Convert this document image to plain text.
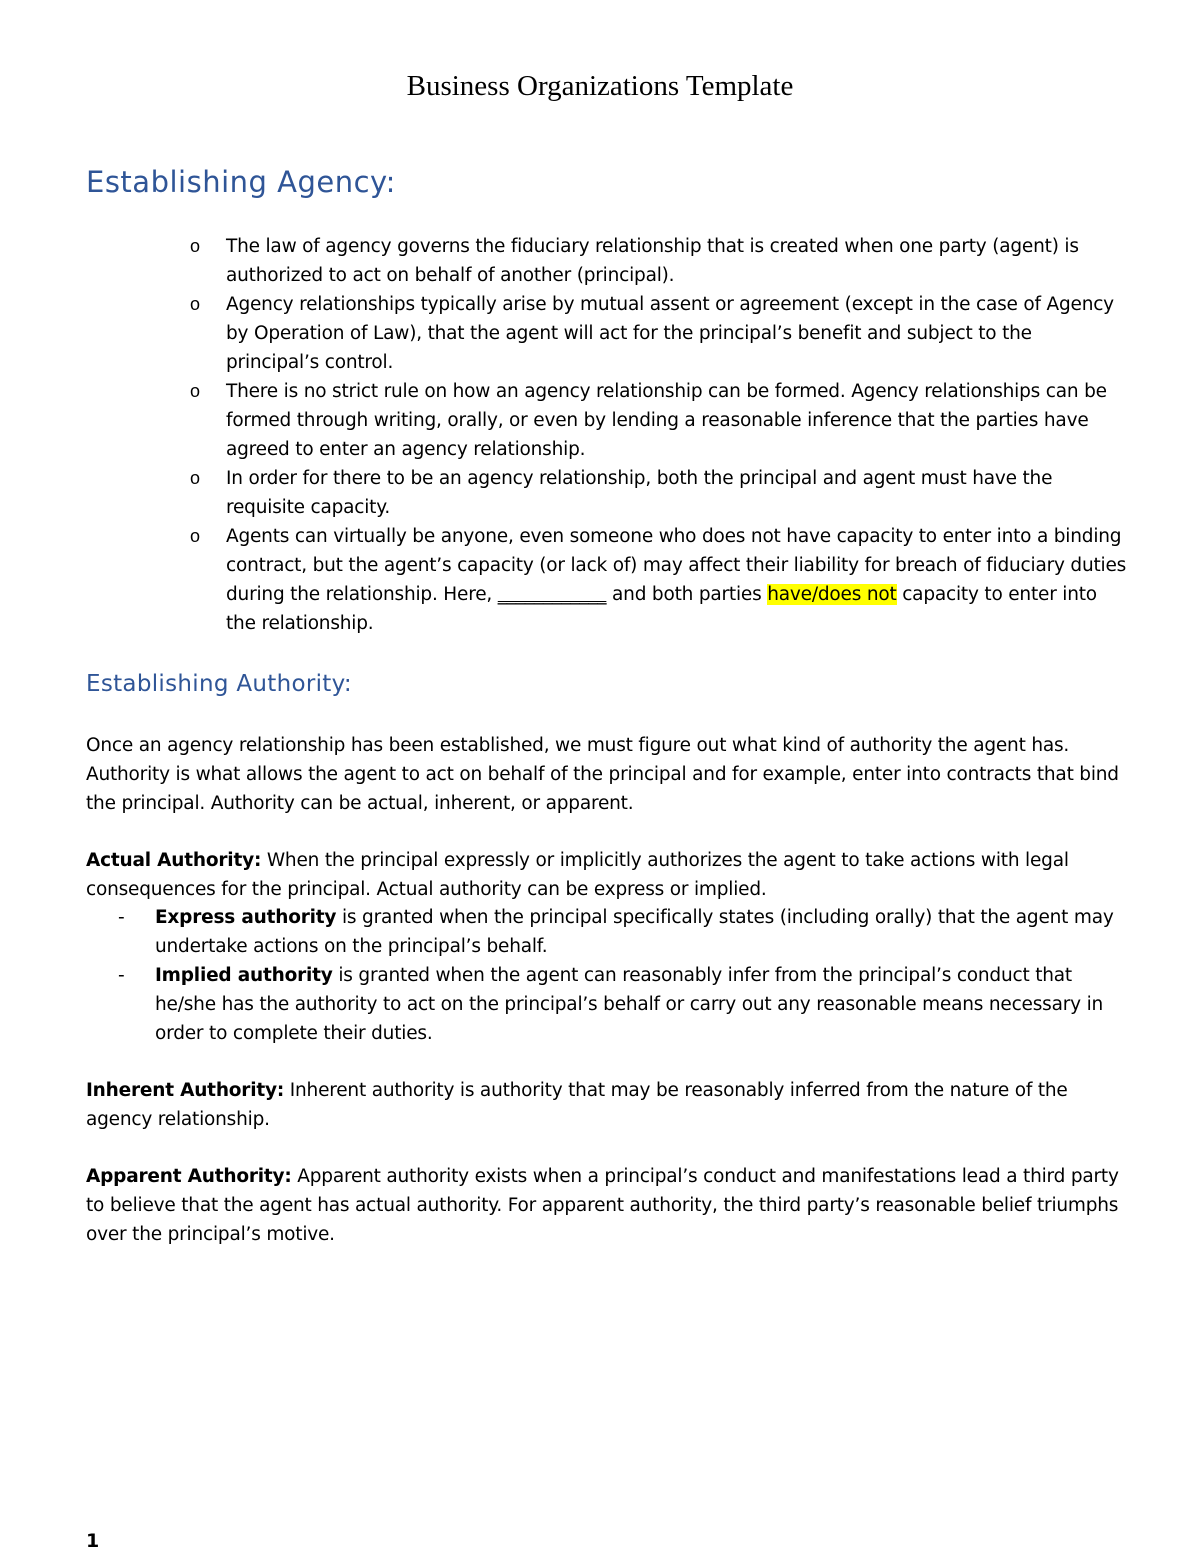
Business Organizations Template
Establishing Agency:
o The law of agency governs the fiduciary relationship that is created when one party (agent) is authorized to act on behalf of another (principal).
o Agency relationships typically arise by mutual assent or agreement (except in the case of Agency by Operation of Law), that the agent will act for the principal’s benefit and subject to the principal’s control.
o There is no strict rule on how an agency relationship can be formed. Agency relationships can be formed through writing, orally, or even by lending a reasonable inference that the parties have agreed to enter an agency relationship.
o In order for there to be an agency relationship, both the principal and agent must have the requisite capacity.
o Agents can virtually be anyone, even someone who does not have capacity to enter into a binding contract, but the agent’s capacity (or lack of) may affect their liability for breach of fiduciary duties during the relationship. Here, ____________ and both parties have/does not capacity to enter into the relationship.
Establishing Authority:

Once an agency relationship has been established, we must figure out what kind of authority the agent has. Authority is what allows the agent to act on behalf of the principal and for example, enter into contracts that bind the principal. Authority can be actual, inherent, or apparent.

Actual Authority: When the principal expressly or implicitly authorizes the agent to take actions with legal consequences for the principal. Actual authority can be express or implied.

- Express authority is granted when the principal specifically states (including orally) that the agent may undertake actions on the principal’s behalf.
- Implied authority is granted when the agent can reasonably infer from the principal’s conduct that he/she has the authority to act on the principal’s behalf or carry out any reasonable means necessary in order to complete their duties.

Inherent Authority: Inherent authority is authority that may be reasonably inferred from the nature of the agency relationship.

Apparent Authority: Apparent authority exists when a principal’s conduct and manifestations lead a third party to believe that the agent has actual authority. For apparent authority, the third party’s reasonable belief triumphs over the principal’s motive.

1
